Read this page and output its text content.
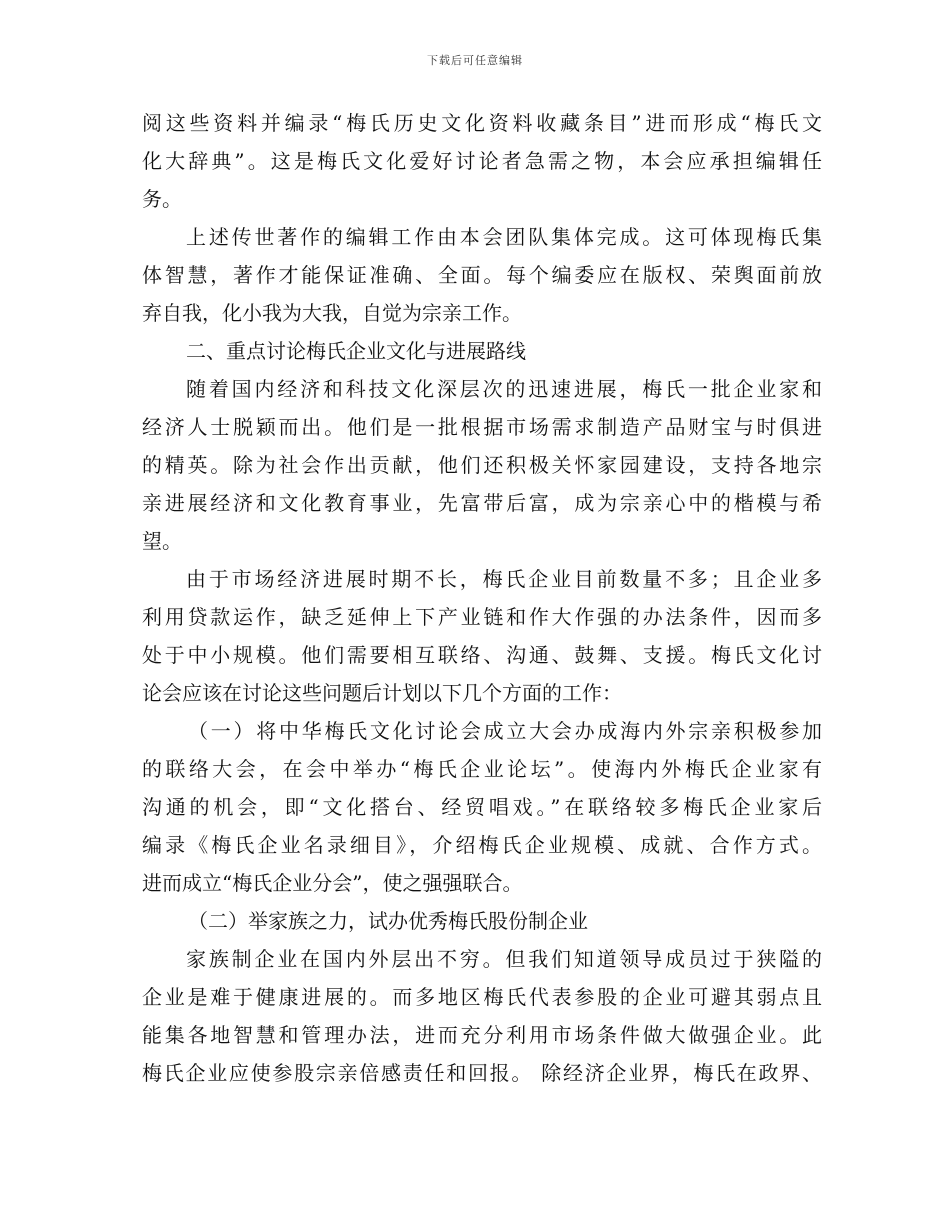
下载后可任意编辑
阅这些资料并编录“梅氏历史文化资料收藏条目”进而形成“梅氏文
化大辞典”。这是梅氏文化爱好讨论者急需之物，本会应承担编辑任
务。
上述传世著作的编辑工作由本会团队集体完成。这可体现梅氏集
体智慧，著作才能保证准确、全面。每个编委应在版权、荣舆面前放
弃自我，化小我为大我，自觉为宗亲工作。
二、重点讨论梅氏企业文化与进展路线
随着国内经济和科技文化深层次的迅速进展，梅氏一批企业家和
经济人士脱颖而出。他们是一批根据市场需求制造产品财宝与时俱进
的精英。除为社会作出贡献，他们还积极关怀家园建设，支持各地宗
亲进展经济和文化教育事业，先富带后富，成为宗亲心中的楷模与希
望。
由于市场经济进展时期不长，梅氏企业目前数量不多；且企业多
利用贷款运作，缺乏延伸上下产业链和作大作强的办法条件，因而多
处于中小规模。他们需要相互联络、沟通、鼓舞、支援。梅氏文化讨
论会应该在讨论这些问题后计划以下几个方面的工作：
（一）将中华梅氏文化讨论会成立大会办成海内外宗亲积极参加
的联络大会，在会中举办“梅氏企业论坛”。使海内外梅氏企业家有
沟通的机会，即“文化搭台、经贸唱戏。”在联络较多梅氏企业家后
编录《梅氏企业名录细目》，介绍梅氏企业规模、成就、合作方式。
进而成立“梅氏企业分会”，使之强强联合。
（二）举家族之力，试办优秀梅氏股份制企业
家族制企业在国内外层出不穷。但我们知道领导成员过于狭隘的
企业是难于健康进展的。而多地区梅氏代表参股的企业可避其弱点且
能集各地智慧和管理办法，进而充分利用市场条件做大做强企业。此
梅氏企业应使参股宗亲倍感责任和回报。 除经济企业界，梅氏在政界、
